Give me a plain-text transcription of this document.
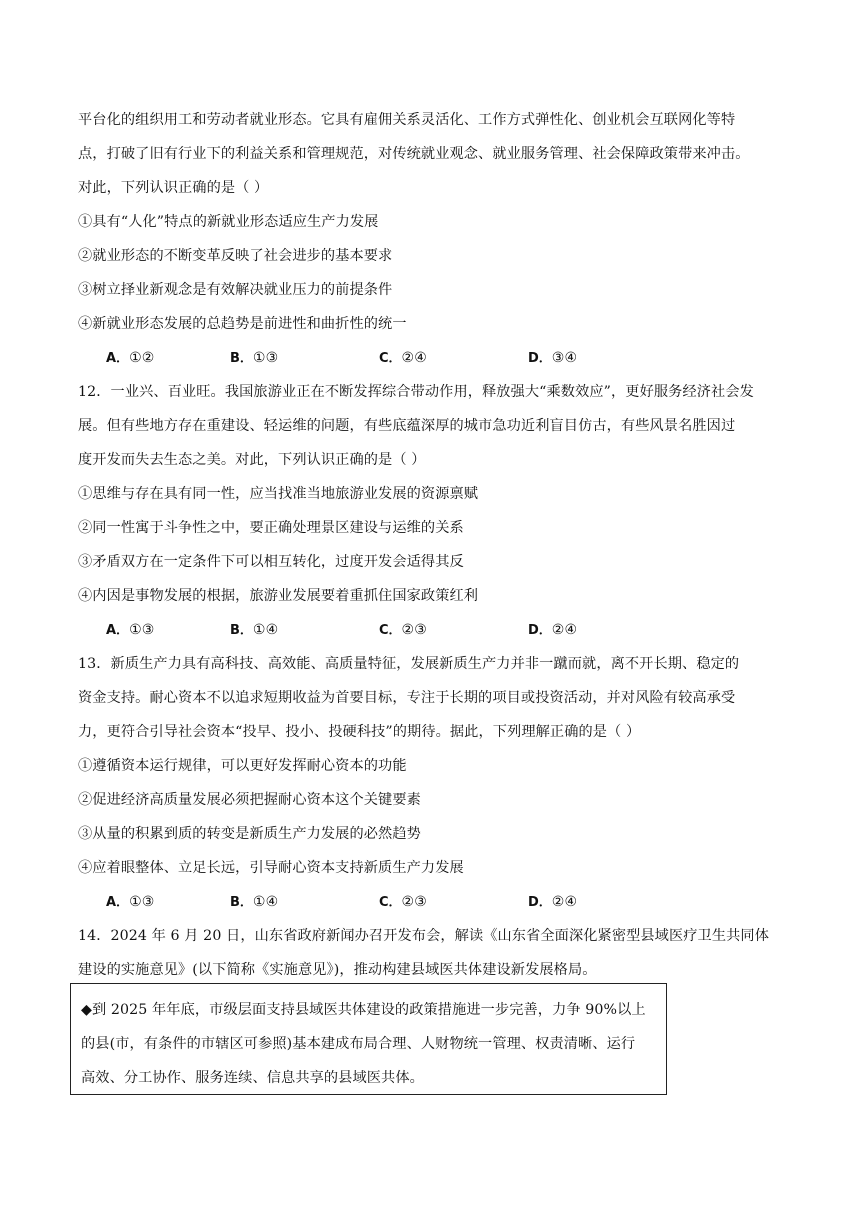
平台化的组织用工和劳动者就业形态。它具有雇佣关系灵活化、工作方式弹性化、创业机会互联网化等特
点，打破了旧有行业下的利益关系和管理规范，对传统就业观念、就业服务管理、社会保障政策带来冲击。
对此，下列认识正确的是（ ）
①具有“人化”特点的新就业形态适应生产力发展
②就业形态的不断变革反映了社会进步的基本要求
③树立择业新观念是有效解决就业压力的前提条件
④新就业形态发展的总趋势是前进性和曲折性的统一
A．①②	B．①③	C．②④	D．③④
12．一业兴、百业旺。我国旅游业正在不断发挥综合带动作用，释放强大“乘数效应”，更好服务经济社会发
展。但有些地方存在重建设、轻运维的问题，有些底蕴深厚的城市急功近利盲目仿古，有些风景名胜因过
度开发而失去生态之美。对此，下列认识正确的是（ ）
①思维与存在具有同一性，应当找准当地旅游业发展的资源禀赋
②同一性寓于斗争性之中，要正确处理景区建设与运维的关系
③矛盾双方在一定条件下可以相互转化，过度开发会适得其反
④内因是事物发展的根据，旅游业发展要着重抓住国家政策红利
A．①③	B．①④	C．②③	D．②④
13．新质生产力具有高科技、高效能、高质量特征，发展新质生产力并非一蹴而就，离不开长期、稳定的
资金支持。耐心资本不以追求短期收益为首要目标，专注于长期的项目或投资活动，并对风险有较高承受
力，更符合引导社会资本“投早、投小、投硬科技”的期待。据此，下列理解正确的是（ ）
①遵循资本运行规律，可以更好发挥耐心资本的功能
②促进经济高质量发展必须把握耐心资本这个关键要素
③从量的积累到质的转变是新质生产力发展的必然趋势
④应着眼整体、立足长远，引导耐心资本支持新质生产力发展
A．①③	B．①④	C．②③	D．②④
14．2024 年 6 月 20 日，山东省政府新闻办召开发布会，解读《山东省全面深化紧密型县域医疗卫生共同体
建设的实施意见》(以下简称《实施意见》)，推动构建县域医共体建设新发展格局。
◆到 2025 年年底，市级层面支持县域医共体建设的政策措施进一步完善，力争 90%以上
的县(市，有条件的市辖区可参照)基本建成布局合理、人财物统一管理、权责清晰、运行
高效、分工协作、服务连续、信息共享的县域医共体。
